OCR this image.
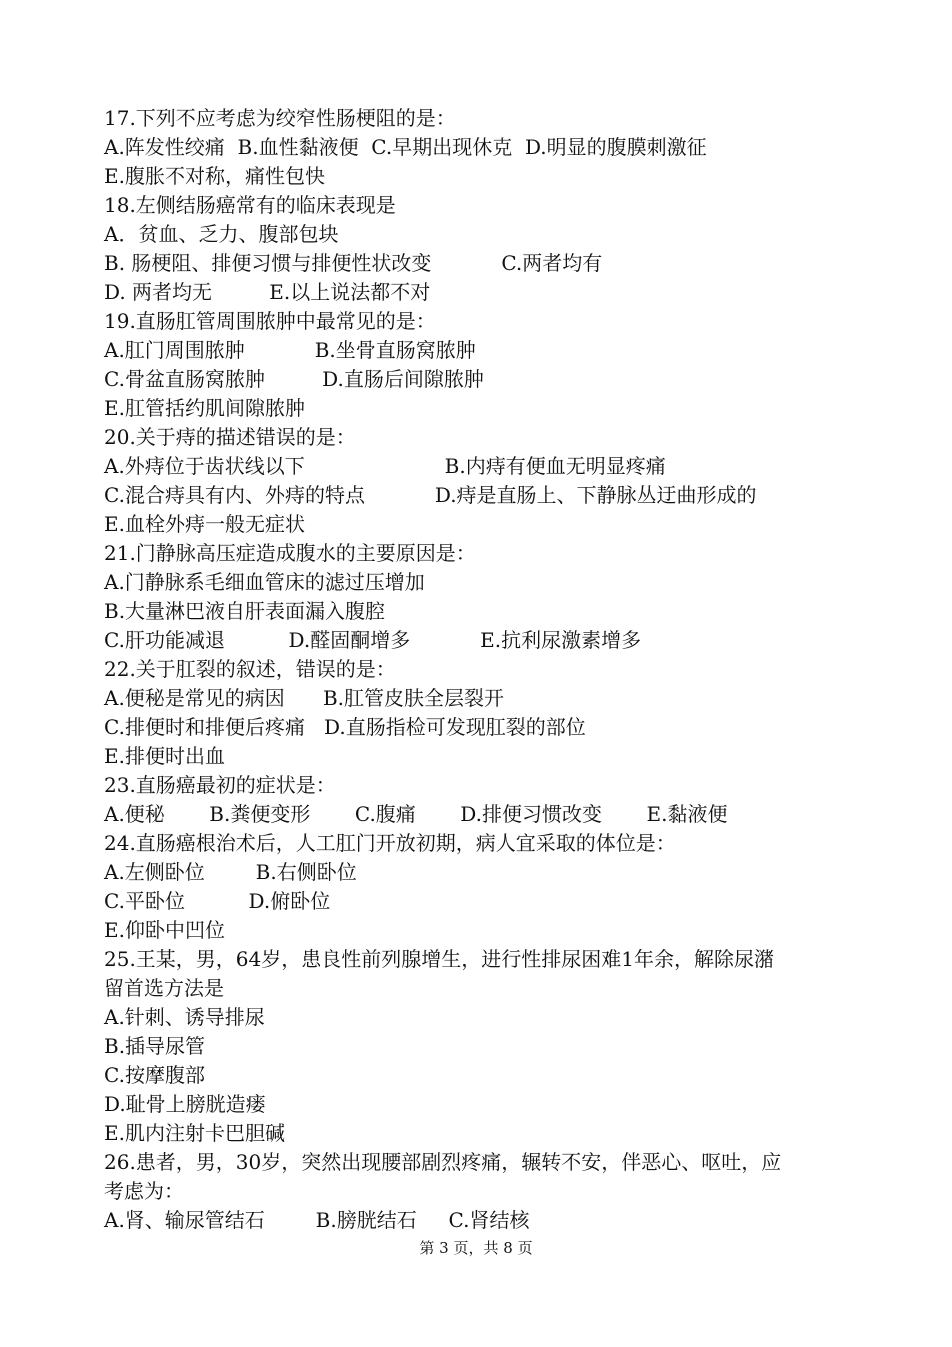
17.下列不应考虑为绞窄性肠梗阻的是：
A.阵发性绞痛  B.血性黏液便  C.早期出现休克  D.明显的腹膜刺激征
E.腹胀不对称，痛性包快
18.左侧结肠癌常有的临床表现是
A．贫血、乏力、腹部包块
B. 肠梗阻、排便习惯与排便性状改变           C.两者均有
D. 两者均无         E.以上说法都不对
19.直肠肛管周围脓肿中最常见的是：
A.肛门周围脓肿           B.坐骨直肠窝脓肿
C.骨盆直肠窝脓肿         D.直肠后间隙脓肿
E.肛管括约肌间隙脓肿
20.关于痔的描述错误的是：
A.外痔位于齿状线以下                      B.内痔有便血无明显疼痛
C.混合痔具有内、外痔的特点           D.痔是直肠上、下静脉丛迂曲形成的
E.血栓外痔一般无症状
21.门静脉高压症造成腹水的主要原因是：
A.门静脉系毛细血管床的滤过压增加
B.大量淋巴液自肝表面漏入腹腔
C.肝功能减退          D.醛固酮增多           E.抗利尿激素增多
22.关于肛裂的叙述，错误的是：
A.便秘是常见的病因      B.肛管皮肤全层裂开
C.排便时和排便后疼痛   D.直肠指检可发现肛裂的部位
E.排便时出血
23.直肠癌最初的症状是：
A.便秘       B.粪便变形       C.腹痛       D.排便习惯改变       E.黏液便
24.直肠癌根治术后，人工肛门开放初期，病人宜采取的体位是：
A.左侧卧位        B.右侧卧位
C.平卧位          D.俯卧位
E.仰卧中凹位
25.王某，男，64岁，患良性前列腺增生，进行性排尿困难1年余，解除尿潴
留首选方法是
A.针刺、诱导排尿
B.插导尿管
C.按摩腹部
D.耻骨上膀胱造瘘
E.肌内注射卡巴胆碱
26.患者，男，30岁，突然出现腰部剧烈疼痛，辗转不安，伴恶心、呕吐，应
考虑为：
A.肾、输尿管结石        B.膀胱结石     C.肾结核
第 3 页，共 8 页
